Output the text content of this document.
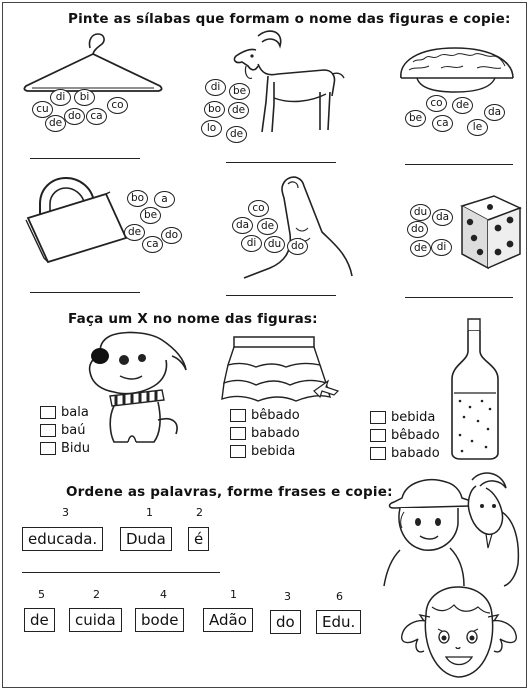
Pinte as sílabas que formam o nome das figuras e copie:
di	bi
cu	co
de
do ca
di	be
bo	de
lo	de
co	de
da
be	ca	le
bo	a
be
de	do
ca
co
da	de
di	du do
du da
do
de di
Faça um X no nome das figuras:
bala
baú
Bidu
bêbado
babado
bebida
bebida
bêbado
babado
Ordene as palavras, forme frases e copie:
3	1	2
educada.	Duda	é
5	2	4	1	3	6
de	cuida	bode	Adão	do	Edu.
